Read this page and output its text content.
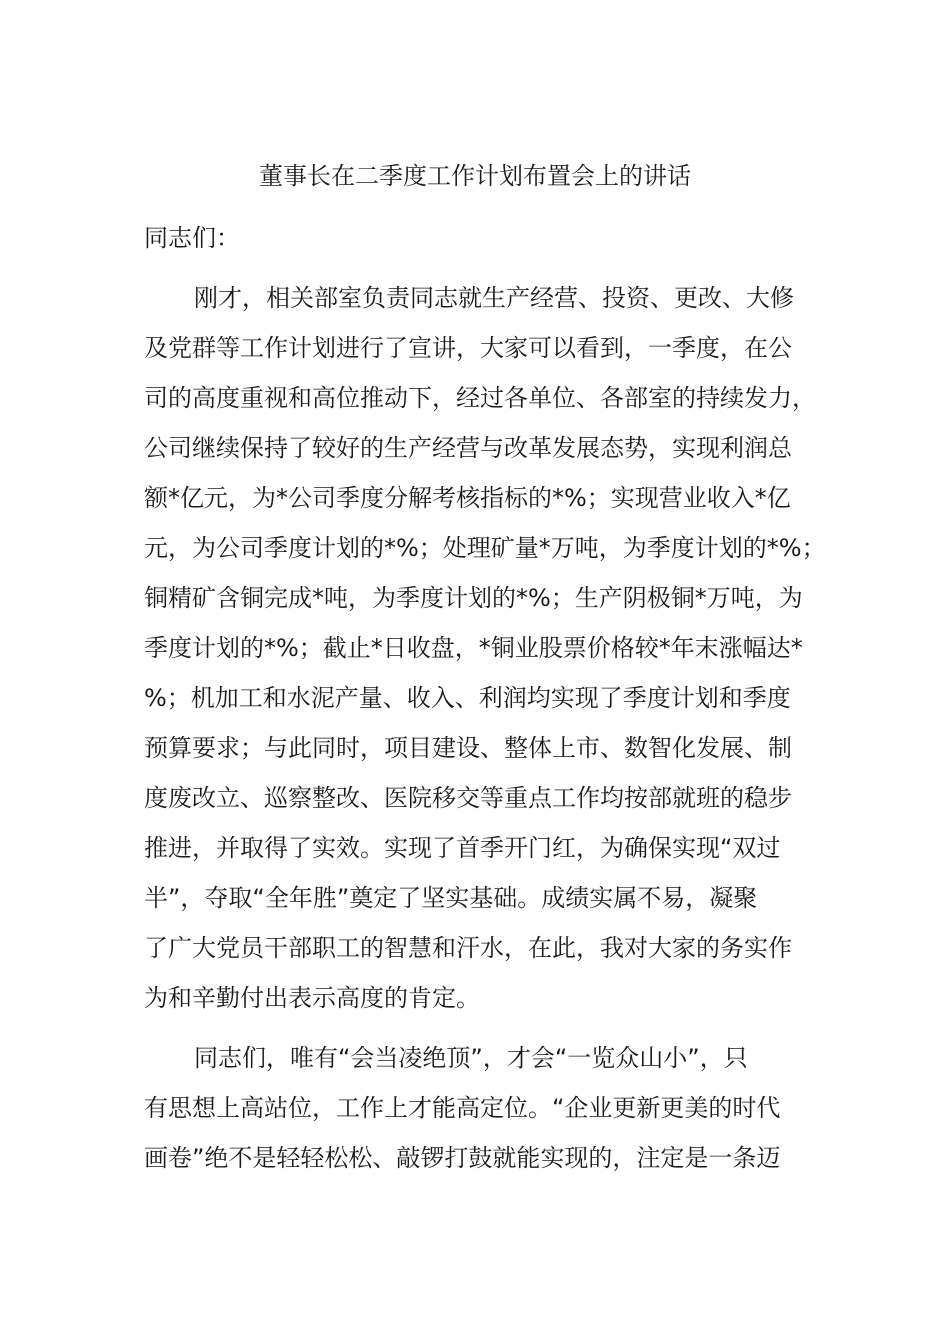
董事长在二季度工作计划布置会上的讲话

同志们：

刚才，相关部室负责同志就生产经营、投资、更改、大修
及党群等工作计划进行了宣讲，大家可以看到，一季度，在公
司的高度重视和高位推动下，经过各单位、各部室的持续发力，
公司继续保持了较好的生产经营与改革发展态势，实现利润总
额*亿元，为*公司季度分解考核指标的*%；实现营业收入*亿
元，为公司季度计划的*%；处理矿量*万吨，为季度计划的*%；
铜精矿含铜完成*吨，为季度计划的*%；生产阴极铜*万吨，为
季度计划的*%；截止*日收盘，*铜业股票价格较*年末涨幅达*
%；机加工和水泥产量、收入、利润均实现了季度计划和季度
预算要求；与此同时，项目建设、整体上市、数智化发展、制
度废改立、巡察整改、医院移交等重点工作均按部就班的稳步
推进，并取得了实效。实现了首季开门红，为确保实现“双过
半”，夺取“全年胜”奠定了坚实基础。成绩实属不易，凝聚
了广大党员干部职工的智慧和汗水，在此，我对大家的务实作
为和辛勤付出表示高度的肯定。
同志们，唯有“会当凌绝顶”，才会“一览众山小”，只
有思想上高站位，工作上才能高定位。“企业更新更美的时代
画卷”绝不是轻轻松松、敲锣打鼓就能实现的，注定是一条迈
